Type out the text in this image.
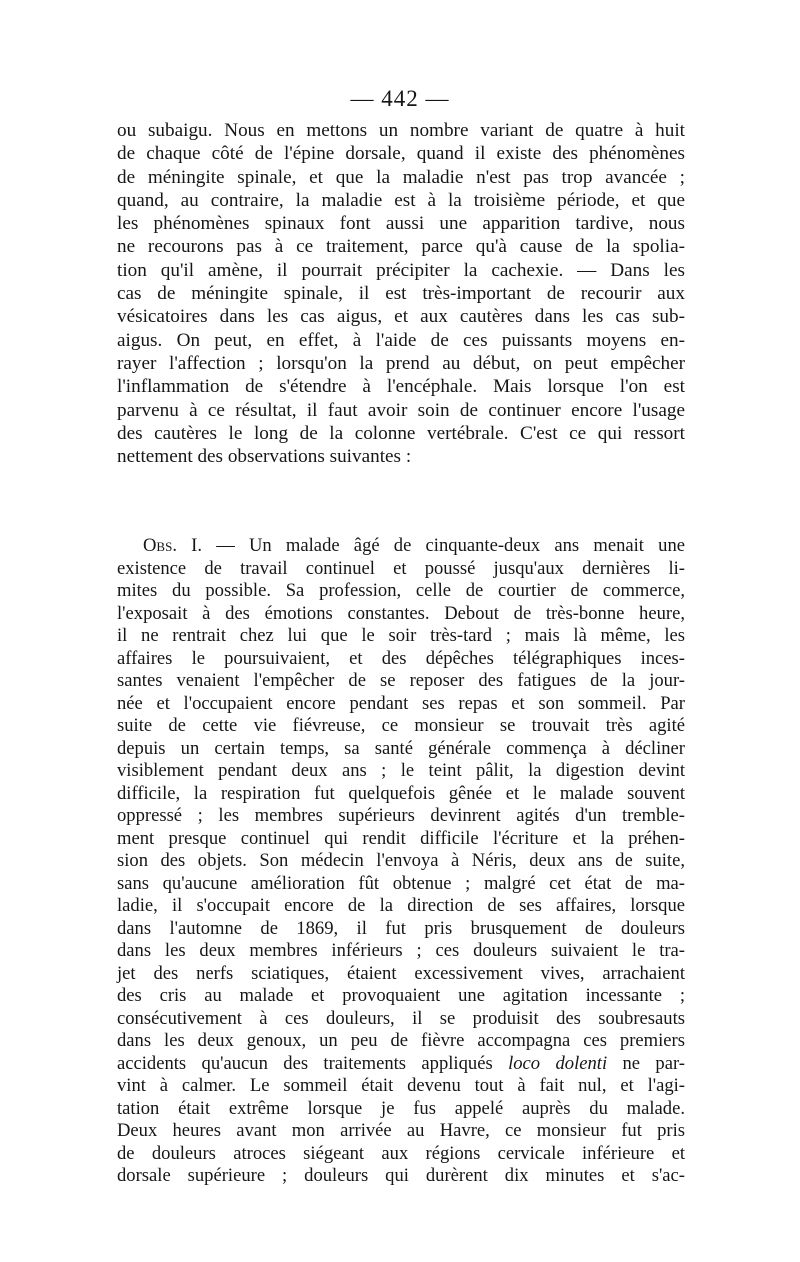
— 442 —
ou subaigu. Nous en mettons un nombre variant de quatre à huit
de chaque côté de l'épine dorsale, quand il existe des phénomènes
de méningite spinale, et que la maladie n'est pas trop avancée ;
quand, au contraire, la maladie est à la troisième période, et que
les phénomènes spinaux font aussi une apparition tardive, nous
ne recourons pas à ce traitement, parce qu'à cause de la spolia-
tion qu'il amène, il pourrait précipiter la cachexie. — Dans les
cas de méningite spinale, il est très-important de recourir aux
vésicatoires dans les cas aigus, et aux cautères dans les cas sub-
aigus. On peut, en effet, à l'aide de ces puissants moyens en-
rayer l'affection ; lorsqu'on la prend au début, on peut empêcher
l'inflammation de s'étendre à l'encéphale. Mais lorsque l'on est
parvenu à ce résultat, il faut avoir soin de continuer encore l'usage
des cautères le long de la colonne vertébrale. C'est ce qui ressort
nettement des observations suivantes :
Obs. I. — Un malade âgé de cinquante-deux ans menait une
existence de travail continuel et poussé jusqu'aux dernières li-
mites du possible. Sa profession, celle de courtier de commerce,
l'exposait à des émotions constantes. Debout de très-bonne heure,
il ne rentrait chez lui que le soir très-tard ; mais là même, les
affaires le poursuivaient, et des dépêches télégraphiques inces-
santes venaient l'empêcher de se reposer des fatigues de la jour-
née et l'occupaient encore pendant ses repas et son sommeil. Par
suite de cette vie fiévreuse, ce monsieur se trouvait très agité
depuis un certain temps, sa santé générale commença à décliner
visiblement pendant deux ans ; le teint pâlit, la digestion devint
difficile, la respiration fut quelquefois gênée et le malade souvent
oppressé ; les membres supérieurs devinrent agités d'un tremble-
ment presque continuel qui rendit difficile l'écriture et la préhen-
sion des objets. Son médecin l'envoya à Néris, deux ans de suite,
sans qu'aucune amélioration fût obtenue ; malgré cet état de ma-
ladie, il s'occupait encore de la direction de ses affaires, lorsque
dans l'automne de 1869, il fut pris brusquement de douleurs
dans les deux membres inférieurs ; ces douleurs suivaient le tra-
jet des nerfs sciatiques, étaient excessivement vives, arrachaient
des cris au malade et provoquaient une agitation incessante ;
consécutivement à ces douleurs, il se produisit des soubresauts
dans les deux genoux, un peu de fièvre accompagna ces premiers
accidents qu'aucun des traitements appliqués loco dolenti ne par-
vint à calmer. Le sommeil était devenu tout à fait nul, et l'agi-
tation était extrême lorsque je fus appelé auprès du malade.
Deux heures avant mon arrivée au Havre, ce monsieur fut pris
de douleurs atroces siégeant aux régions cervicale inférieure et
dorsale supérieure ; douleurs qui durèrent dix minutes et s'ac-
